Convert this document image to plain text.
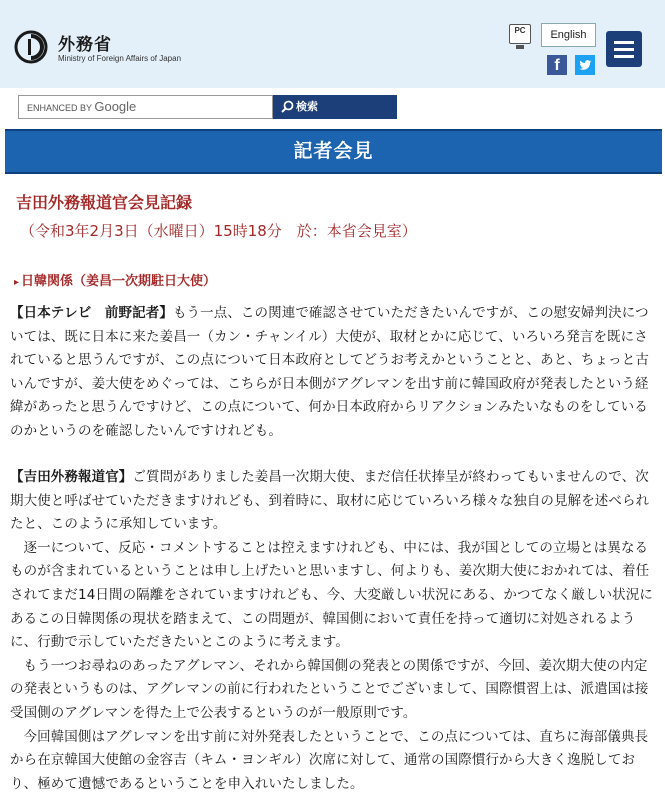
外務省
Ministry of Foreign Affairs of Japan
PC	English
f
ENHANCED BY Google	検索
記者会見
吉田外務報道官会見記録
（令和3年2月3日（水曜日）15時18分　於：本省会見室）
▸ 日韓関係（姜昌一次期駐日大使）

【日本テレビ　前野記者】もう一点、この関連で確認させていただきたいんですが、この慰安婦判決については、既に日本に来た姜昌一（カン・チャンイル）大使が、取材とかに応じて、いろいろ発言を既にされていると思うんですが、この点について日本政府としてどうお考えかということと、あと、ちょっと古いんですが、姜大使をめぐっては、こちらが日本側がアグレマンを出す前に韓国政府が発表したという経緯があったと思うんですけど、この点について、何か日本政府からリアクションみたいなものをしているのかというのを確認したいんですけれども。

【吉田外務報道官】ご質問がありました姜昌一次期大使、まだ信任状捧呈が終わってもいませんので、次期大使と呼ばせていただきますけれども、到着時に、取材に応じていろいろ様々な独自の見解を述べられたと、このように承知しています。

逐一について、反応・コメントすることは控えますけれども、中には、我が国としての立場とは異なるものが含まれているということは申し上げたいと思いますし、何よりも、姜次期大使におかれては、着任されてまだ14日間の隔離をされていますけれども、今、大変厳しい状況にある、かつてなく厳しい状況にあるこの日韓関係の現状を踏まえて、この問題が、韓国側において責任を持って適切に対処されるように、行動で示していただきたいとこのように考えます。

もう一つお尋ねのあったアグレマン、それから韓国側の発表との関係ですが、今回、姜次期大使の内定の発表というものは、アグレマンの前に行われたということでございまして、国際慣習上は、派遣国は接受国側のアグレマンを得た上で公表するというのが一般原則です。

今回韓国側はアグレマンを出す前に対外発表したということで、この点については、直ちに海部儀典長から在京韓国大使館の金容吉（キム・ヨンギル）次席に対して、通常の国際慣行から大きく逸脱しており、極めて遺憾であるということを申入れいたしました。
